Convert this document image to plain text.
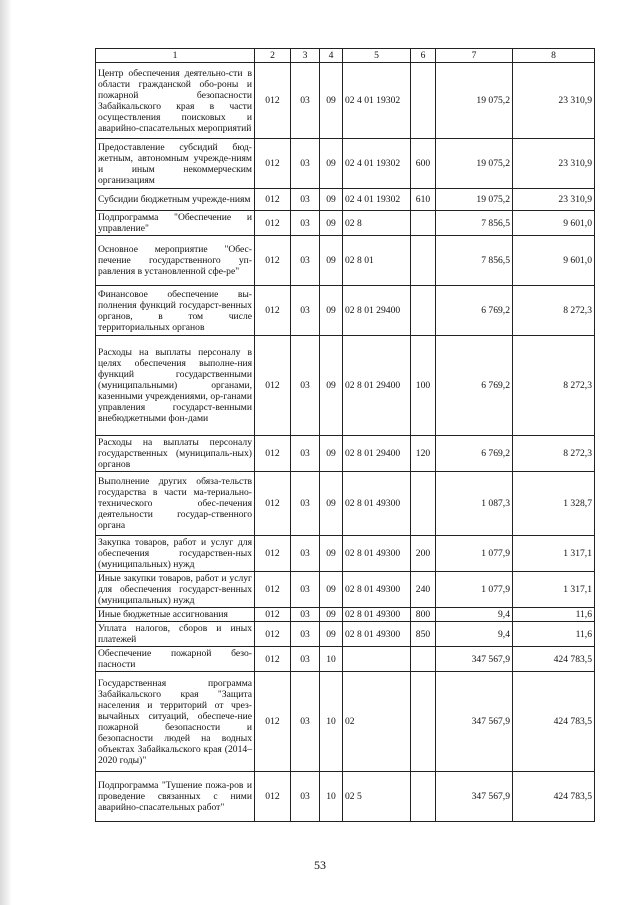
1	2	3	4	5	6	7	8
Центр обеспечения деятельно-сти в области гражданской обо-роны и пожарной безопасности Забайкальского края в части осуществления поисковых и аварийно-спасательных мероприятий	012	03	09	02 4 01 19302		19 075,2	23 310,9
Предоставление субсидий бюд-жетным, автономным учрежде-ниям и иным некоммерческим организациям	012	03	09	02 4 01 19302	600	19 075,2	23 310,9
Субсидии бюджетным учрежде-ниям	012	03	09	02 4 01 19302	610	19 075,2	23 310,9
Подпрограмма "Обеспечение и управление"	012	03	09	02 8		7 856,5	9 601,0
Основное мероприятие "Обес-печение государственного уп-равления в установленной сфе-ре"	012	03	09	02 8 01		7 856,5	9 601,0
Финансовое обеспечение вы-полнения функций государст-венных органов, в том числе территориальных органов	012	03	09	02 8 01 29400		6 769,2	8 272,3
Расходы на выплаты персоналу в целях обеспечения выполне-ния функций государственными (муниципальными) органами, казенными учреждениями, ор-ганами управления государст-венными внебюджетными фон-дами	012	03	09	02 8 01 29400	100	6 769,2	8 272,3
Расходы на выплаты персоналу государственных (муниципаль-ных) органов	012	03	09	02 8 01 29400	120	6 769,2	8 272,3
Выполнение других обяза-тельств государства в части ма-териально-технического обес-печения деятельности государ-ственного органа	012	03	09	02 8 01 49300		1 087,3	1 328,7
Закупка товаров, работ и услуг для обеспечения государствен-ных (муниципальных) нужд	012	03	09	02 8 01 49300	200	1 077,9	1 317,1
Иные закупки товаров, работ и услуг для обеспечения государст-венных (муниципальных) нужд	012	03	09	02 8 01 49300	240	1 077,9	1 317,1
Иные бюджетные ассигнования	012	03	09	02 8 01 49300	800	9,4	11,6
Уплата налогов, сборов и иных платежей	012	03	09	02 8 01 49300	850	9,4	11,6
Обеспечение пожарной безо-пасности	012	03	10			347 567,9	424 783,5
Государственная программа Забайкальского края "Защита населения и территорий от чрез-вычайных ситуаций, обеспече-ние пожарной безопасности и безопасности людей на водных объектах Забайкальского края (2014–2020 годы)"	012	03	10	02		347 567,9	424 783,5
Подпрограмма "Тушение пожа-ров и проведение связанных с ними аварийно-спасательных работ"	012	03	10	02 5		347 567,9	424 783,5
53
